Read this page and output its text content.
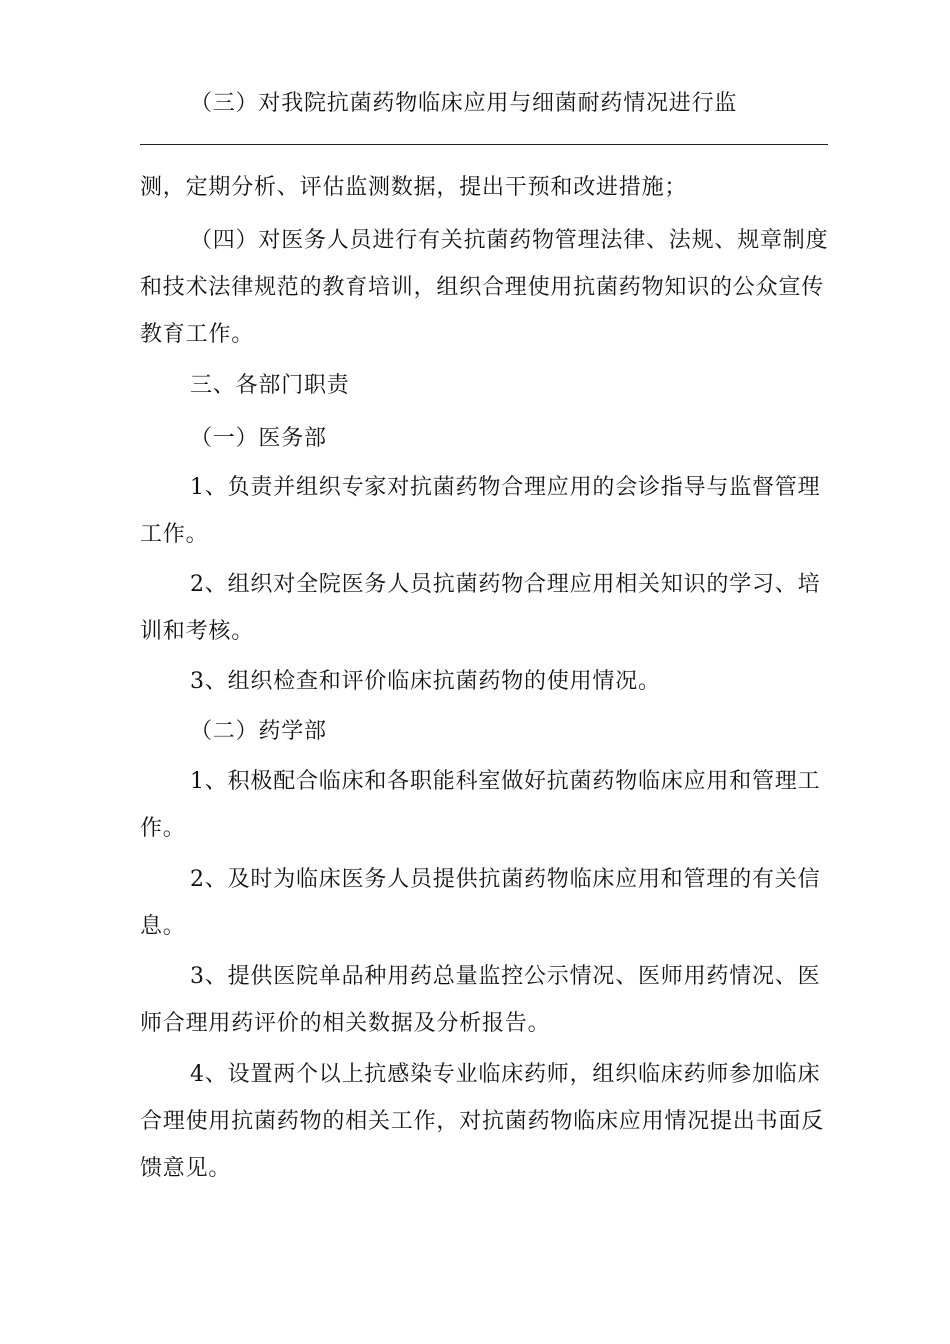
（三）对我院抗菌药物临床应用与细菌耐药情况进行监
测，定期分析、评估监测数据，提出干预和改进措施；
（四）对医务人员进行有关抗菌药物管理法律、法规、规章制度
和技术法律规范的教育培训，组织合理使用抗菌药物知识的公众宣传
教育工作。
三、各部门职责
（一）医务部
1、负责并组织专家对抗菌药物合理应用的会诊指导与监督管理
工作。
2、组织对全院医务人员抗菌药物合理应用相关知识的学习、培
训和考核。
3、组织检查和评价临床抗菌药物的使用情况。
（二）药学部
1、积极配合临床和各职能科室做好抗菌药物临床应用和管理工
作。
2、及时为临床医务人员提供抗菌药物临床应用和管理的有关信
息。
3、提供医院单品种用药总量监控公示情况、医师用药情况、医
师合理用药评价的相关数据及分析报告。
4、设置两个以上抗感染专业临床药师，组织临床药师参加临床
合理使用抗菌药物的相关工作，对抗菌药物临床应用情况提出书面反
馈意见。
